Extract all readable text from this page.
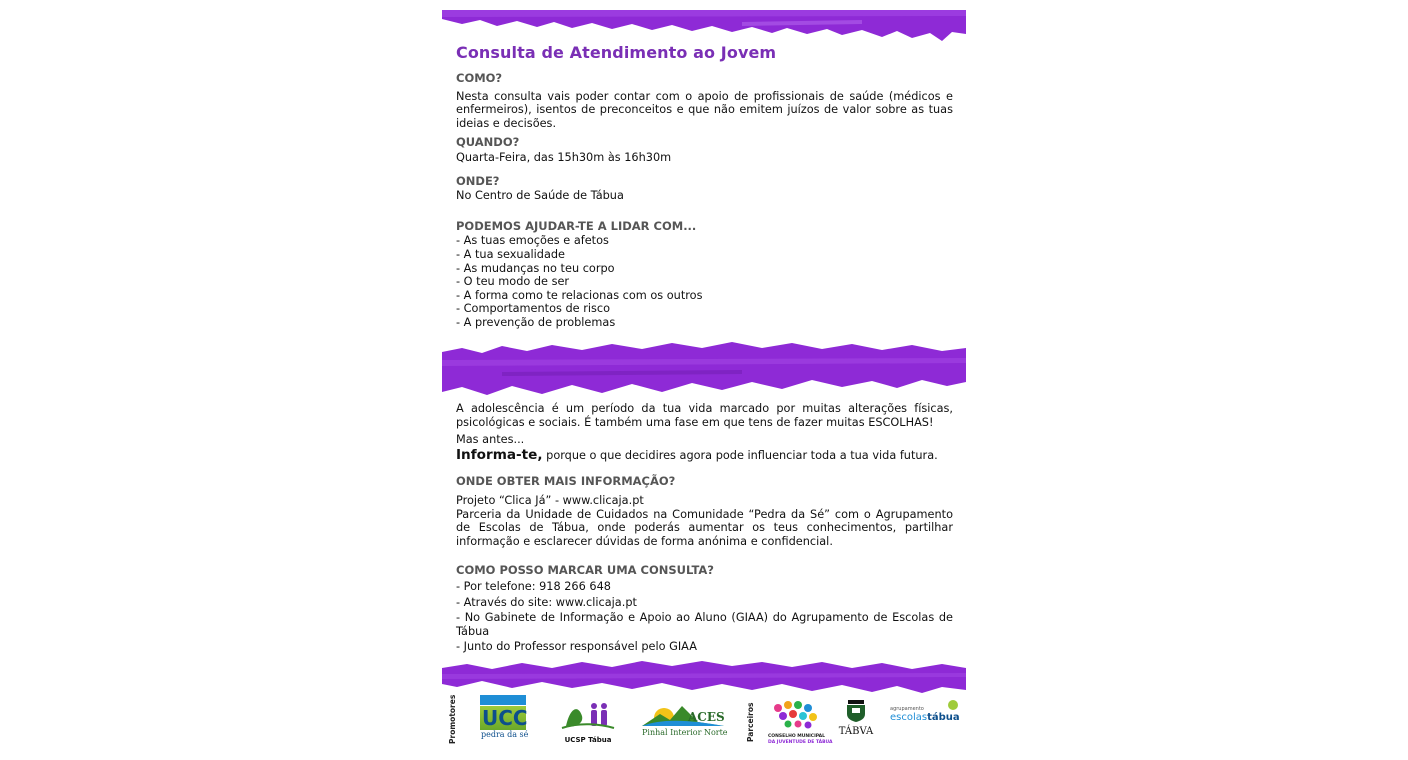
Consulta de Atendimento ao Jovem

COMO?

Nesta consulta vais poder contar com o apoio de profissionais de saúde (médicos e enfermeiros), isentos de preconceitos e que não emitem juízos de valor sobre as tuas ideias e decisões.

QUANDO?

Quarta-Feira, das 15h30m às 16h30m

ONDE?

No Centro de Saúde de Tábua

PODEMOS AJUDAR-TE A LIDAR COM...

- As tuas emoções e afetos
- A tua sexualidade
- As mudanças no teu corpo
- O teu modo de ser
- A forma como te relacionas com os outros
- Comportamentos de risco
- A prevenção de problemas

A adolescência é um período da tua vida marcado por muitas alterações físicas, psicológicas e sociais. É também uma fase em que tens de fazer muitas ESCOLHAS!

Mas antes...

Informa-te, porque o que decidires agora pode influenciar toda a tua vida futura.

ONDE OBTER MAIS INFORMAÇÃO?

Projeto “Clica Já” - www.clicaja.pt

Parceria da Unidade de Cuidados na Comunidade “Pedra da Sé” com o Agrupamento de Escolas de Tábua, onde poderás aumentar os teus conhecimentos, partilhar informação e esclarecer dúvidas de forma anónima e confidencial.

COMO POSSO MARCAR UMA CONSULTA?

- Por telefone: 918 266 648
- Através do site: www.clicaja.pt
- No Gabinete de Informação e Apoio ao Aluno (GIAA) do Agrupamento de Escolas de Tábua
- Junto do Professor responsável pelo GIAA
Promotores UCC
pedra da sé
UCSP Tábua
ACES
Pinhal Interior Norte Parceiros	CONSELHO MUNICIPAL
DA JUVENTUDE DE TÁBUA
TÁBVA
agrupamento
escolastábua
